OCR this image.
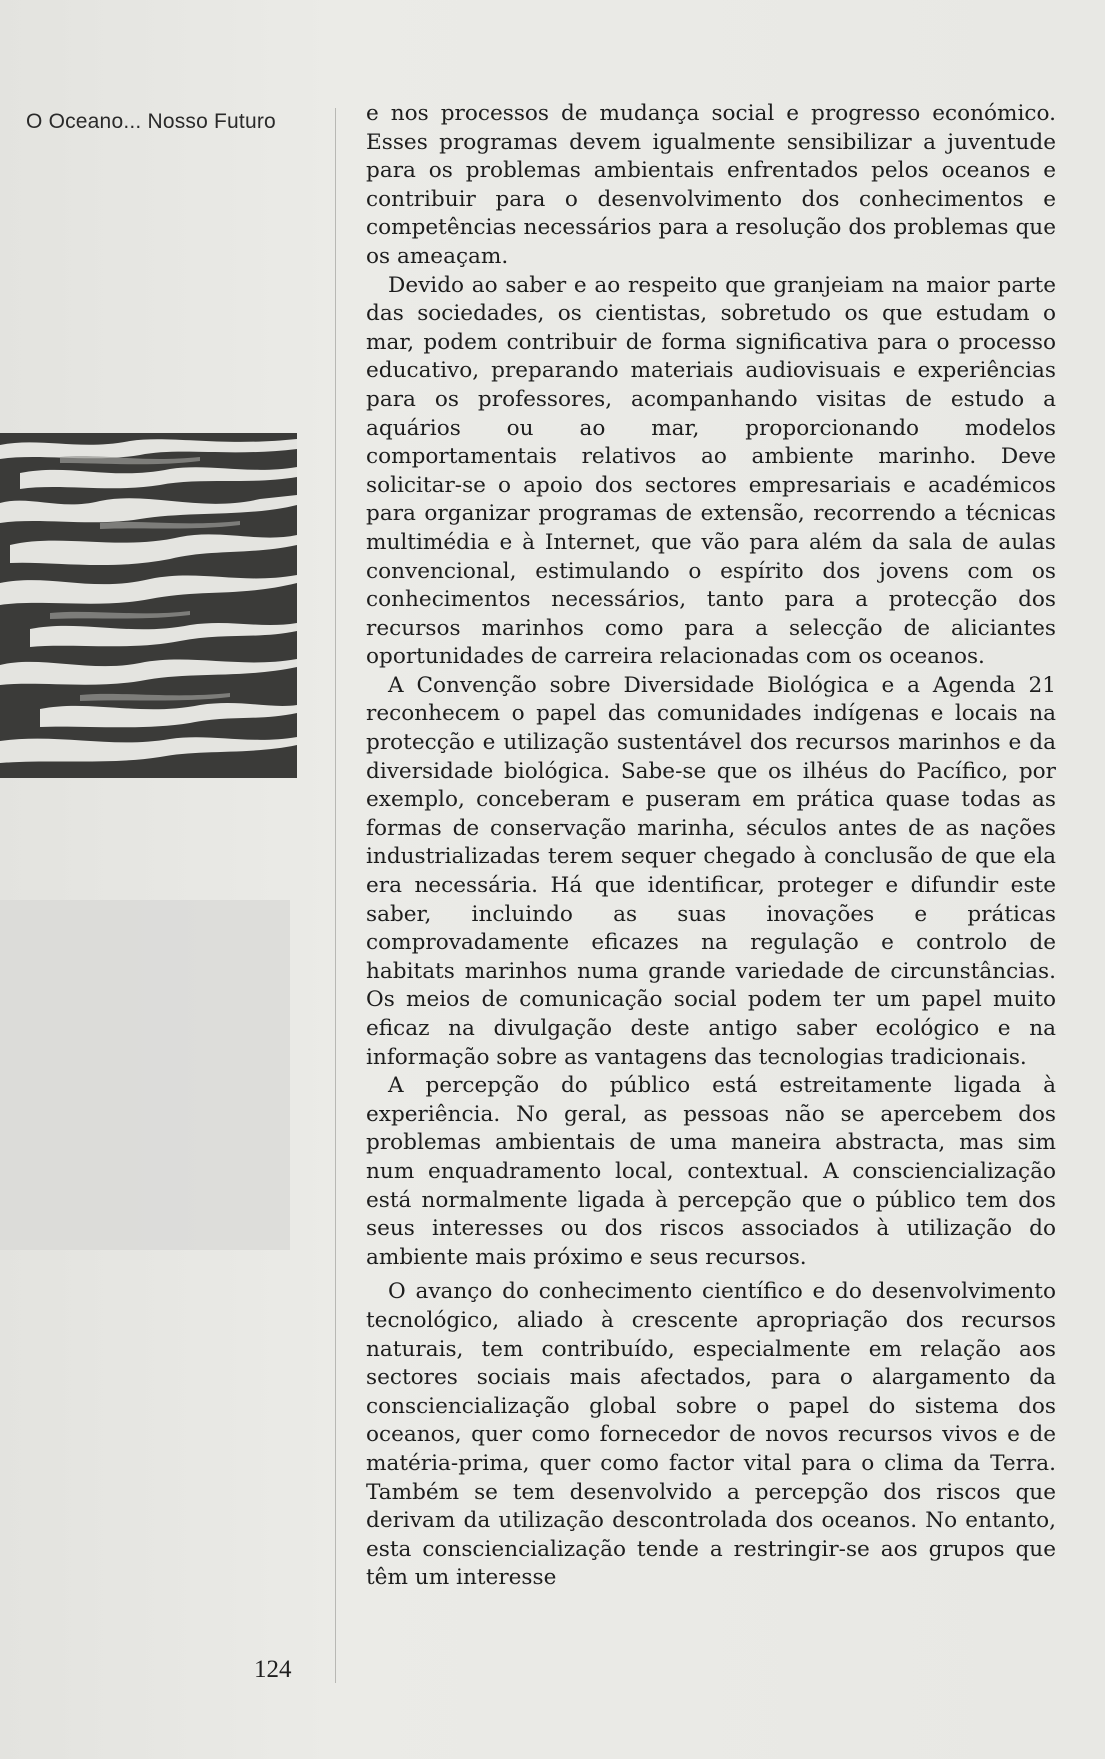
O Oceano... Nosso Futuro	e nos processos de mudança social e progresso económico. Esses programas devem igualmente sensibilizar a juventude para os problemas ambientais enfrentados pelos oceanos e contribuir para o desenvolvimento dos conhecimentos e competências necessários para a resolução dos problemas que os ameaçam.

Devido ao saber e ao respeito que granjeiam na maior parte das sociedades, os cientistas, sobretudo os que estudam o mar, podem contribuir de forma significativa para o processo educativo, preparando materiais audiovisuais e experiências para os professores, acompanhando visitas de estudo a aquários ou ao mar, proporcionando modelos comportamentais relativos ao ambiente marinho. Deve solicitar-se o apoio dos sectores empresariais e académicos para organizar programas de extensão, recorrendo a técnicas multimédia e à Internet, que vão para além da sala de aulas convencional, estimulando o espírito dos jovens com os conhecimentos necessários, tanto para a protecção dos recursos marinhos como para a selecção de aliciantes oportunidades de carreira relacionadas com os oceanos.

A Convenção sobre Diversidade Biológica e a Agenda 21 reconhecem o papel das comunidades indígenas e locais na protecção e utilização sustentável dos recursos marinhos e da diversidade biológica. Sabe-se que os ilhéus do Pacífico, por exemplo, conceberam e puseram em prática quase todas as formas de conservação marinha, séculos antes de as nações industrializadas terem sequer chegado à conclusão de que ela era necessária. Há que identificar, proteger e difundir este saber, incluindo as suas inovações e práticas comprovadamente eficazes na regulação e controlo de habitats marinhos numa grande variedade de circunstâncias. Os meios de comunicação social podem ter um papel muito eficaz na divulgação deste antigo saber ecológico e na informação sobre as vantagens das tecnologias tradicionais.

A percepção do público está estreitamente ligada à experiência. No geral, as pessoas não se apercebem dos problemas ambientais de uma maneira abstracta, mas sim num enquadramento local, contextual. A consciencialização está normalmente ligada à percepção que o público tem dos seus interesses ou dos riscos associados à utilização do ambiente mais próximo e seus recursos.

O avanço do conhecimento científico e do desenvolvimento tecnológico, aliado à crescente apropriação dos recursos naturais, tem contribuído, especialmente em relação aos sectores sociais mais afectados, para o alargamento da consciencialização global sobre o papel do sistema dos oceanos, quer como fornecedor de novos recursos vivos e de matéria-prima, quer como factor vital para o clima da Terra. Também se tem desenvolvido a percepção dos riscos que derivam da utilização descontrolada dos oceanos. No entanto, esta consciencialização tende a restringir-se aos grupos que têm um interesse

124
